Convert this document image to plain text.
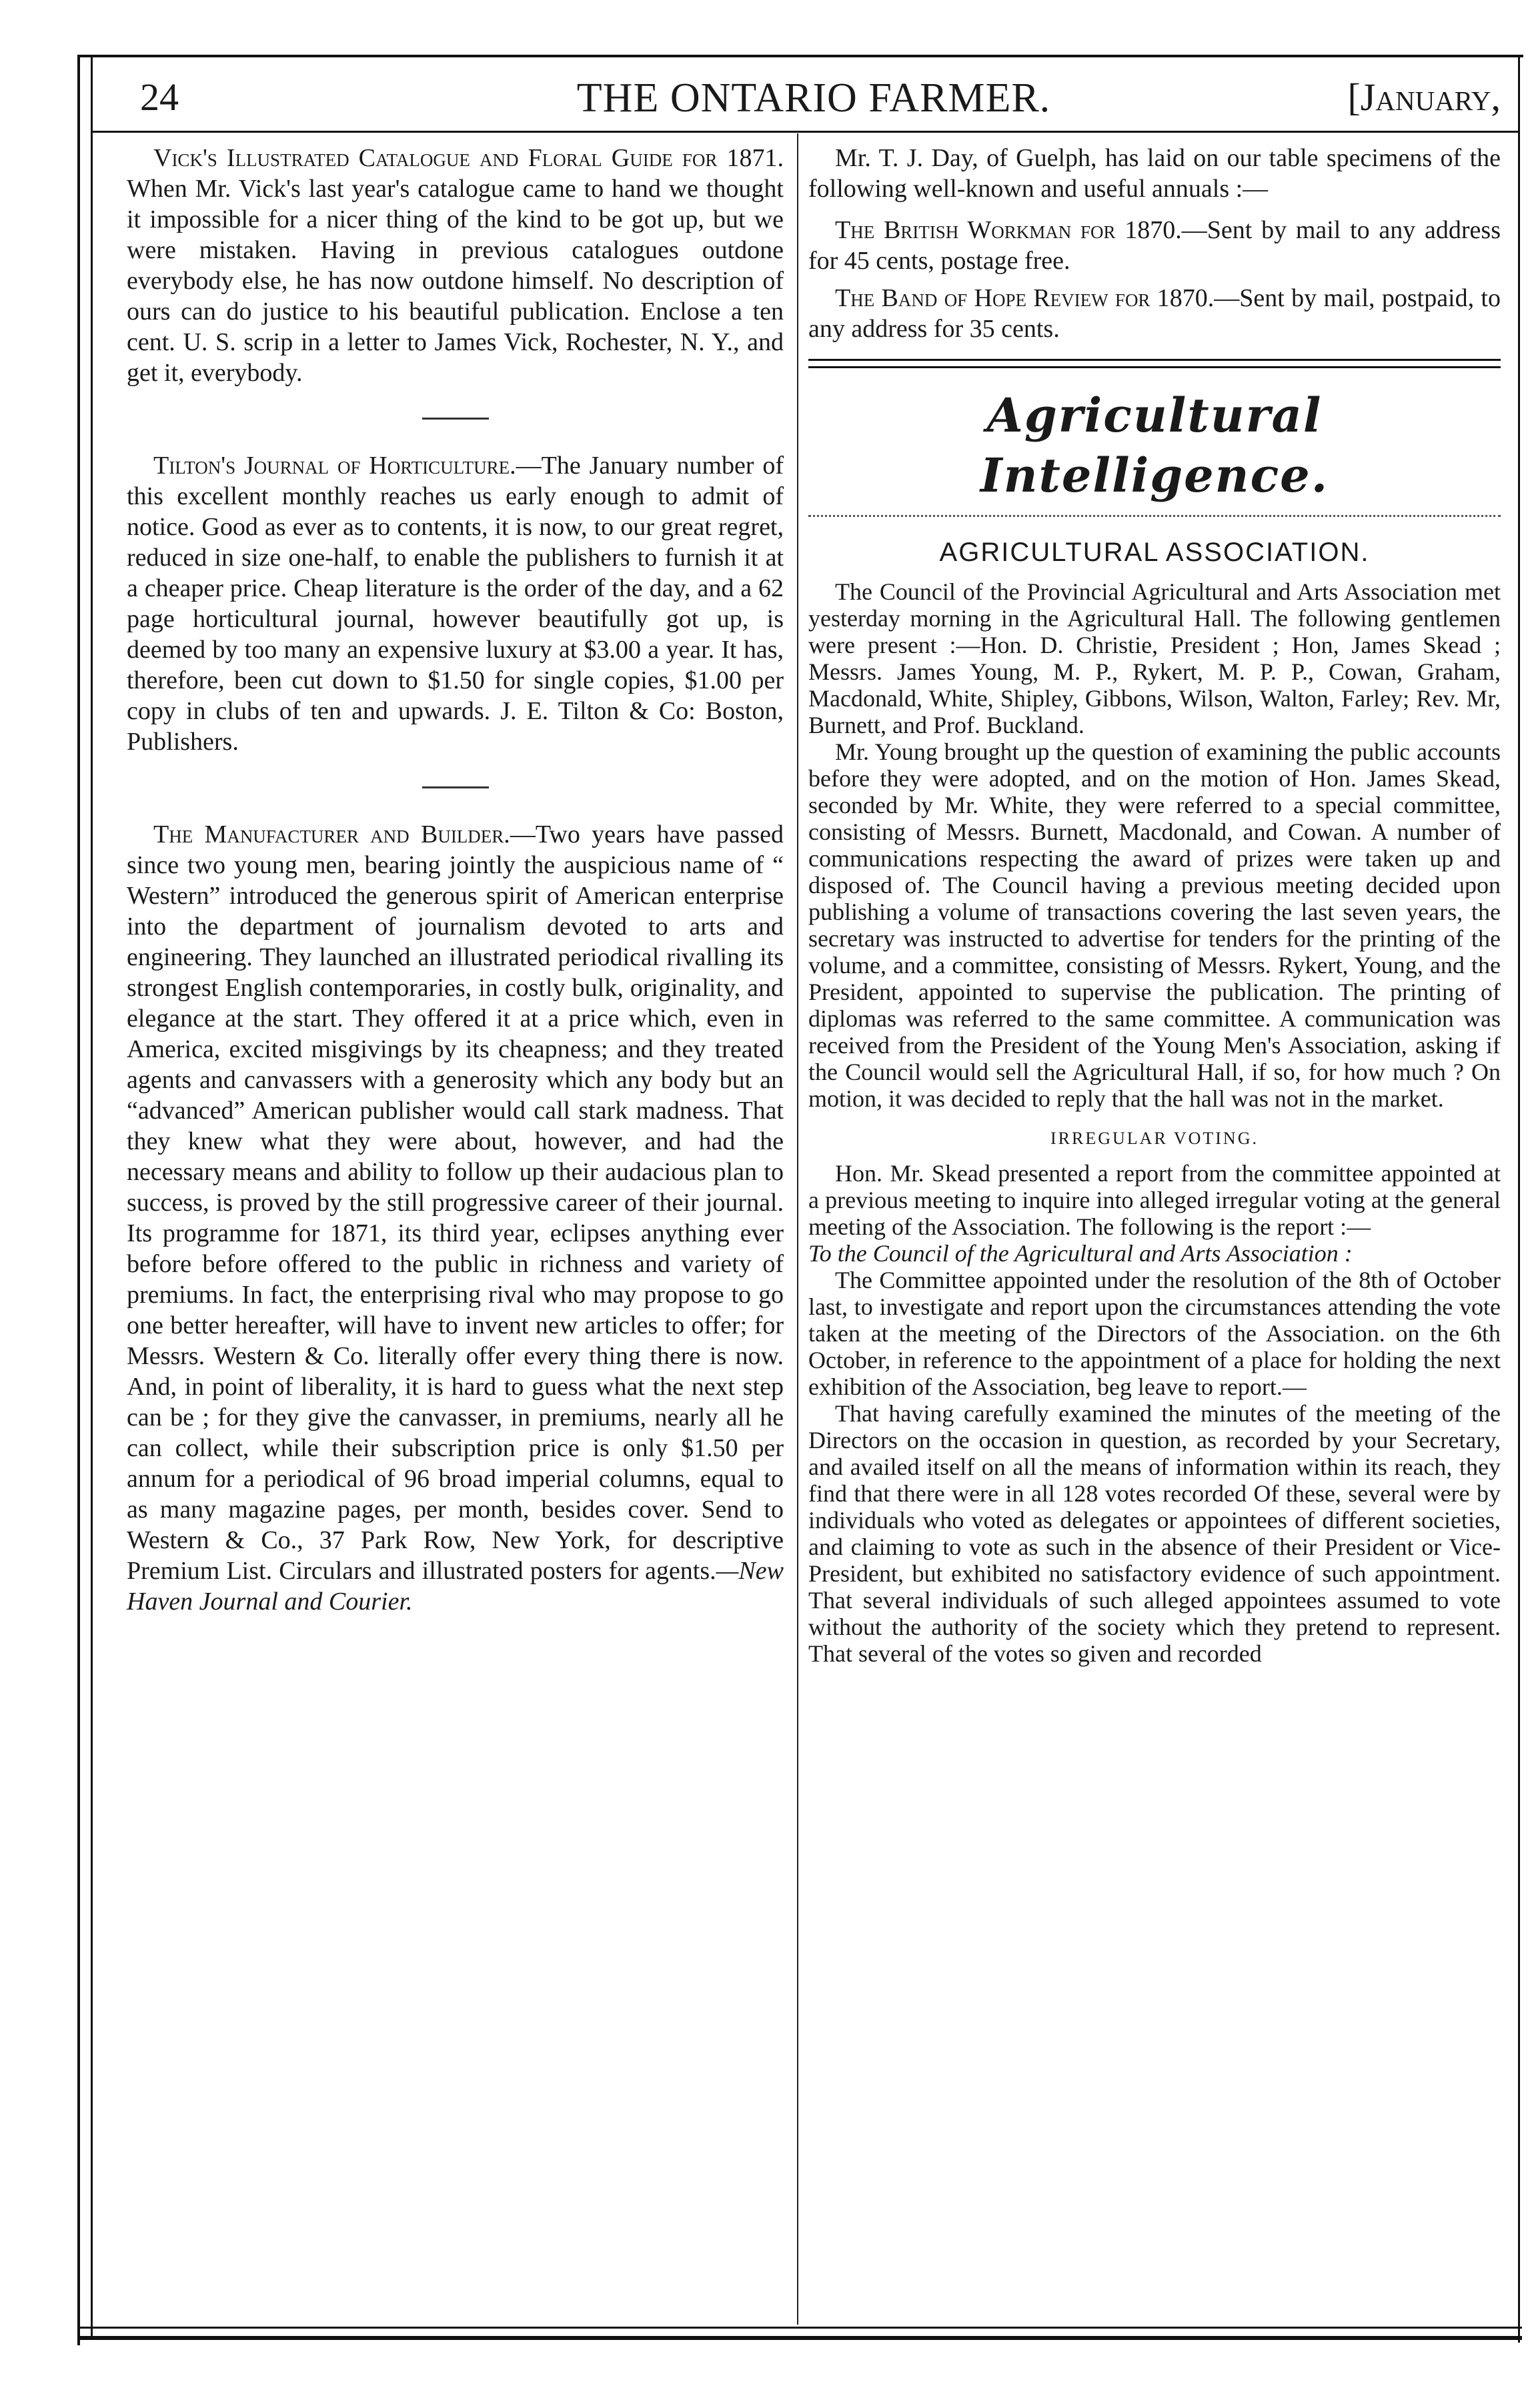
24	THE ONTARIO FARMER.	[January,

Vick's Illustrated Catalogue and Floral Guide for 1871. When Mr. Vick's last year's catalogue came to hand we thought it impossible for a nicer thing of the kind to be got up, but we were mistaken. Having in previous catalogues outdone everybody else, he has now outdone himself. No description of ours can do justice to his beautiful publication. Enclose a ten cent. U. S. scrip in a letter to James Vick, Rochester, N. Y., and get it, everybody.

Tilton's Journal of Horticulture.—The January number of this excellent monthly reaches us early enough to admit of notice. Good as ever as to contents, it is now, to our great regret, reduced in size one-half, to enable the publishers to furnish it at a cheaper price. Cheap literature is the order of the day, and a 62 page horticultural journal, however beautifully got up, is deemed by too many an expensive luxury at $3.00 a year. It has, therefore, been cut down to $1.50 for single copies, $1.00 per copy in clubs of ten and upwards. J. E. Tilton & Co: Boston, Publishers.

The Manufacturer and Builder.—Two years have passed since two young men, bearing jointly the auspicious name of “ Western” introduced the generous spirit of American enterprise into the department of journalism devoted to arts and engineering. They launched an illustrated periodical rivalling its strongest English contemporaries, in costly bulk, originality, and elegance at the start. They offered it at a price which, even in America, excited misgivings by its cheapness; and they treated agents and canvassers with a generosity which any body but an “advanced” American publisher would call stark madness. That they knew what they were about, however, and had the necessary means and ability to follow up their audacious plan to success, is proved by the still progressive career of their journal. Its programme for 1871, its third year, eclipses anything ever before before offered to the public in richness and variety of premiums. In fact, the enterprising rival who may propose to go one better hereafter, will have to invent new articles to offer; for Messrs. Western & Co. literally offer every thing there is now. And, in point of liberality, it is hard to guess what the next step can be ; for they give the canvasser, in premiums, nearly all he can collect, while their subscription price is only $1.50 per annum for a periodical of 96 broad imperial columns, equal to as many magazine pages, per month, besides cover. Send to Western & Co., 37 Park Row, New York, for descriptive Premium List. Circulars and illustrated posters for agents.—New Haven Journal and Courier.

Mr. T. J. Day, of Guelph, has laid on our table specimens of the following well-known and useful annuals :—

The British Workman for 1870.—Sent by mail to any address for 45 cents, postage free.

The Band of Hope Review for 1870.—Sent by mail, postpaid, to any address for 35 cents.

Agricultural Intelligence.
AGRICULTURAL ASSOCIATION.

The Council of the Provincial Agricultural and Arts Association met yesterday morning in the Agricultural Hall. The following gentlemen were present :—Hon. D. Christie, President ; Hon, James Skead ; Messrs. James Young, M. P., Rykert, M. P. P., Cowan, Graham, Macdonald, White, Shipley, Gibbons, Wilson, Walton, Farley; Rev. Mr, Burnett, and Prof. Buckland.

Mr. Young brought up the question of examining the public accounts before they were adopted, and on the motion of Hon. James Skead, seconded by Mr. White, they were referred to a special committee, consisting of Messrs. Burnett, Macdonald, and Cowan. A number of communications respecting the award of prizes were taken up and disposed of. The Council having a previous meeting decided upon publishing a volume of transactions covering the last seven years, the secretary was instructed to advertise for tenders for the printing of the volume, and a committee, consisting of Messrs. Rykert, Young, and the President, appointed to supervise the publication. The printing of diplomas was referred to the same committee. A communication was received from the President of the Young Men's Association, asking if the Council would sell the Agricultural Hall, if so, for how much ? On motion, it was decided to reply that the hall was not in the market.

IRREGULAR VOTING.

Hon. Mr. Skead presented a report from the committee appointed at a previous meeting to inquire into alleged irregular voting at the general meeting of the Association. The following is the report :—

To the Council of the Agricultural and Arts Association :

The Committee appointed under the resolution of the 8th of October last, to investigate and report upon the circumstances attending the vote taken at the meeting of the Directors of the Association. on the 6th October, in reference to the appointment of a place for holding the next exhibition of the Association, beg leave to report.—

That having carefully examined the minutes of the meeting of the Directors on the occasion in question, as recorded by your Secretary, and availed itself on all the means of information within its reach, they find that there were in all 128 votes recorded Of these, several were by individuals who voted as delegates or appointees of different societies, and claiming to vote as such in the absence of their President or Vice-President, but exhibited no satisfactory evidence of such appointment. That several individuals of such alleged appointees assumed to vote without the authority of the society which they pretend to represent. That several of the votes so given and recorded
